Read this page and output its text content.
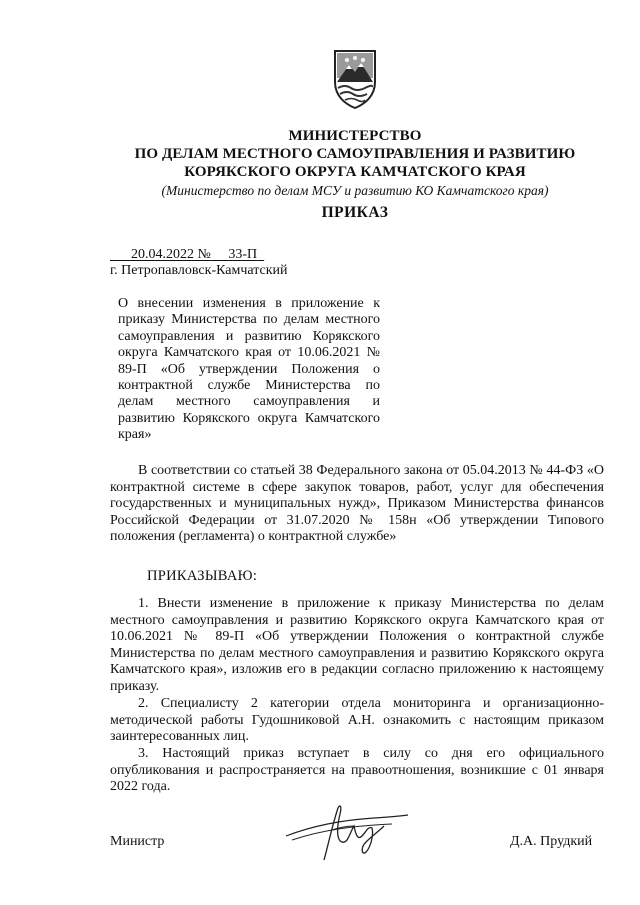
МИНИСТЕРСТВО
ПО ДЕЛАМ МЕСТНОГО САМОУПРАВЛЕНИЯ И РАЗВИТИЮ
КОРЯКСКОГО ОКРУГА КАМЧАТСКОГО КРАЯ
(Министерство по делам МСУ и развитию КО Камчатского края)
ПРИКАЗ
20.04.2022 № 33-П
г. Петропавловск-Камчатский
О внесении изменения в приложение к приказу Министерства по делам местного самоуправления и развитию Корякского округа Камчатского края от 10.06.2021 № 89-П «Об утверждении Положения о контрактной службе Министерства по делам местного самоуправления и развитию Корякского округа Камчатского края»

В соответствии со статьей 38 Федерального закона от 05.04.2013 № 44-ФЗ «О контрактной системе в сфере закупок товаров, работ, услуг для обеспечения государственных и муниципальных нужд», Приказом Министерства финансов Российской Федерации от 31.07.2020 № 158н «Об утверждении Типового положения (регламента) о контрактной службе»

ПРИКАЗЫВАЮ:

1. Внести изменение в приложение к приказу Министерства по делам местного самоуправления и развитию Корякского округа Камчатского края от 10.06.2021 № 89-П «Об утверждении Положения о контрактной службе Министерства по делам местного самоуправления и развитию Корякского округа Камчатского края», изложив его в редакции согласно приложению к настоящему приказу.

2. Специалисту 2 категории отдела мониторинга и организационно-методической работы Гудошниковой А.Н. ознакомить с настоящим приказом заинтересованных лиц.

3. Настоящий приказ вступает в силу со дня его официального опубликования и распространяется на правоотношения, возникшие с 01 января 2022 года.

Министр	Д.А. Прудкий
